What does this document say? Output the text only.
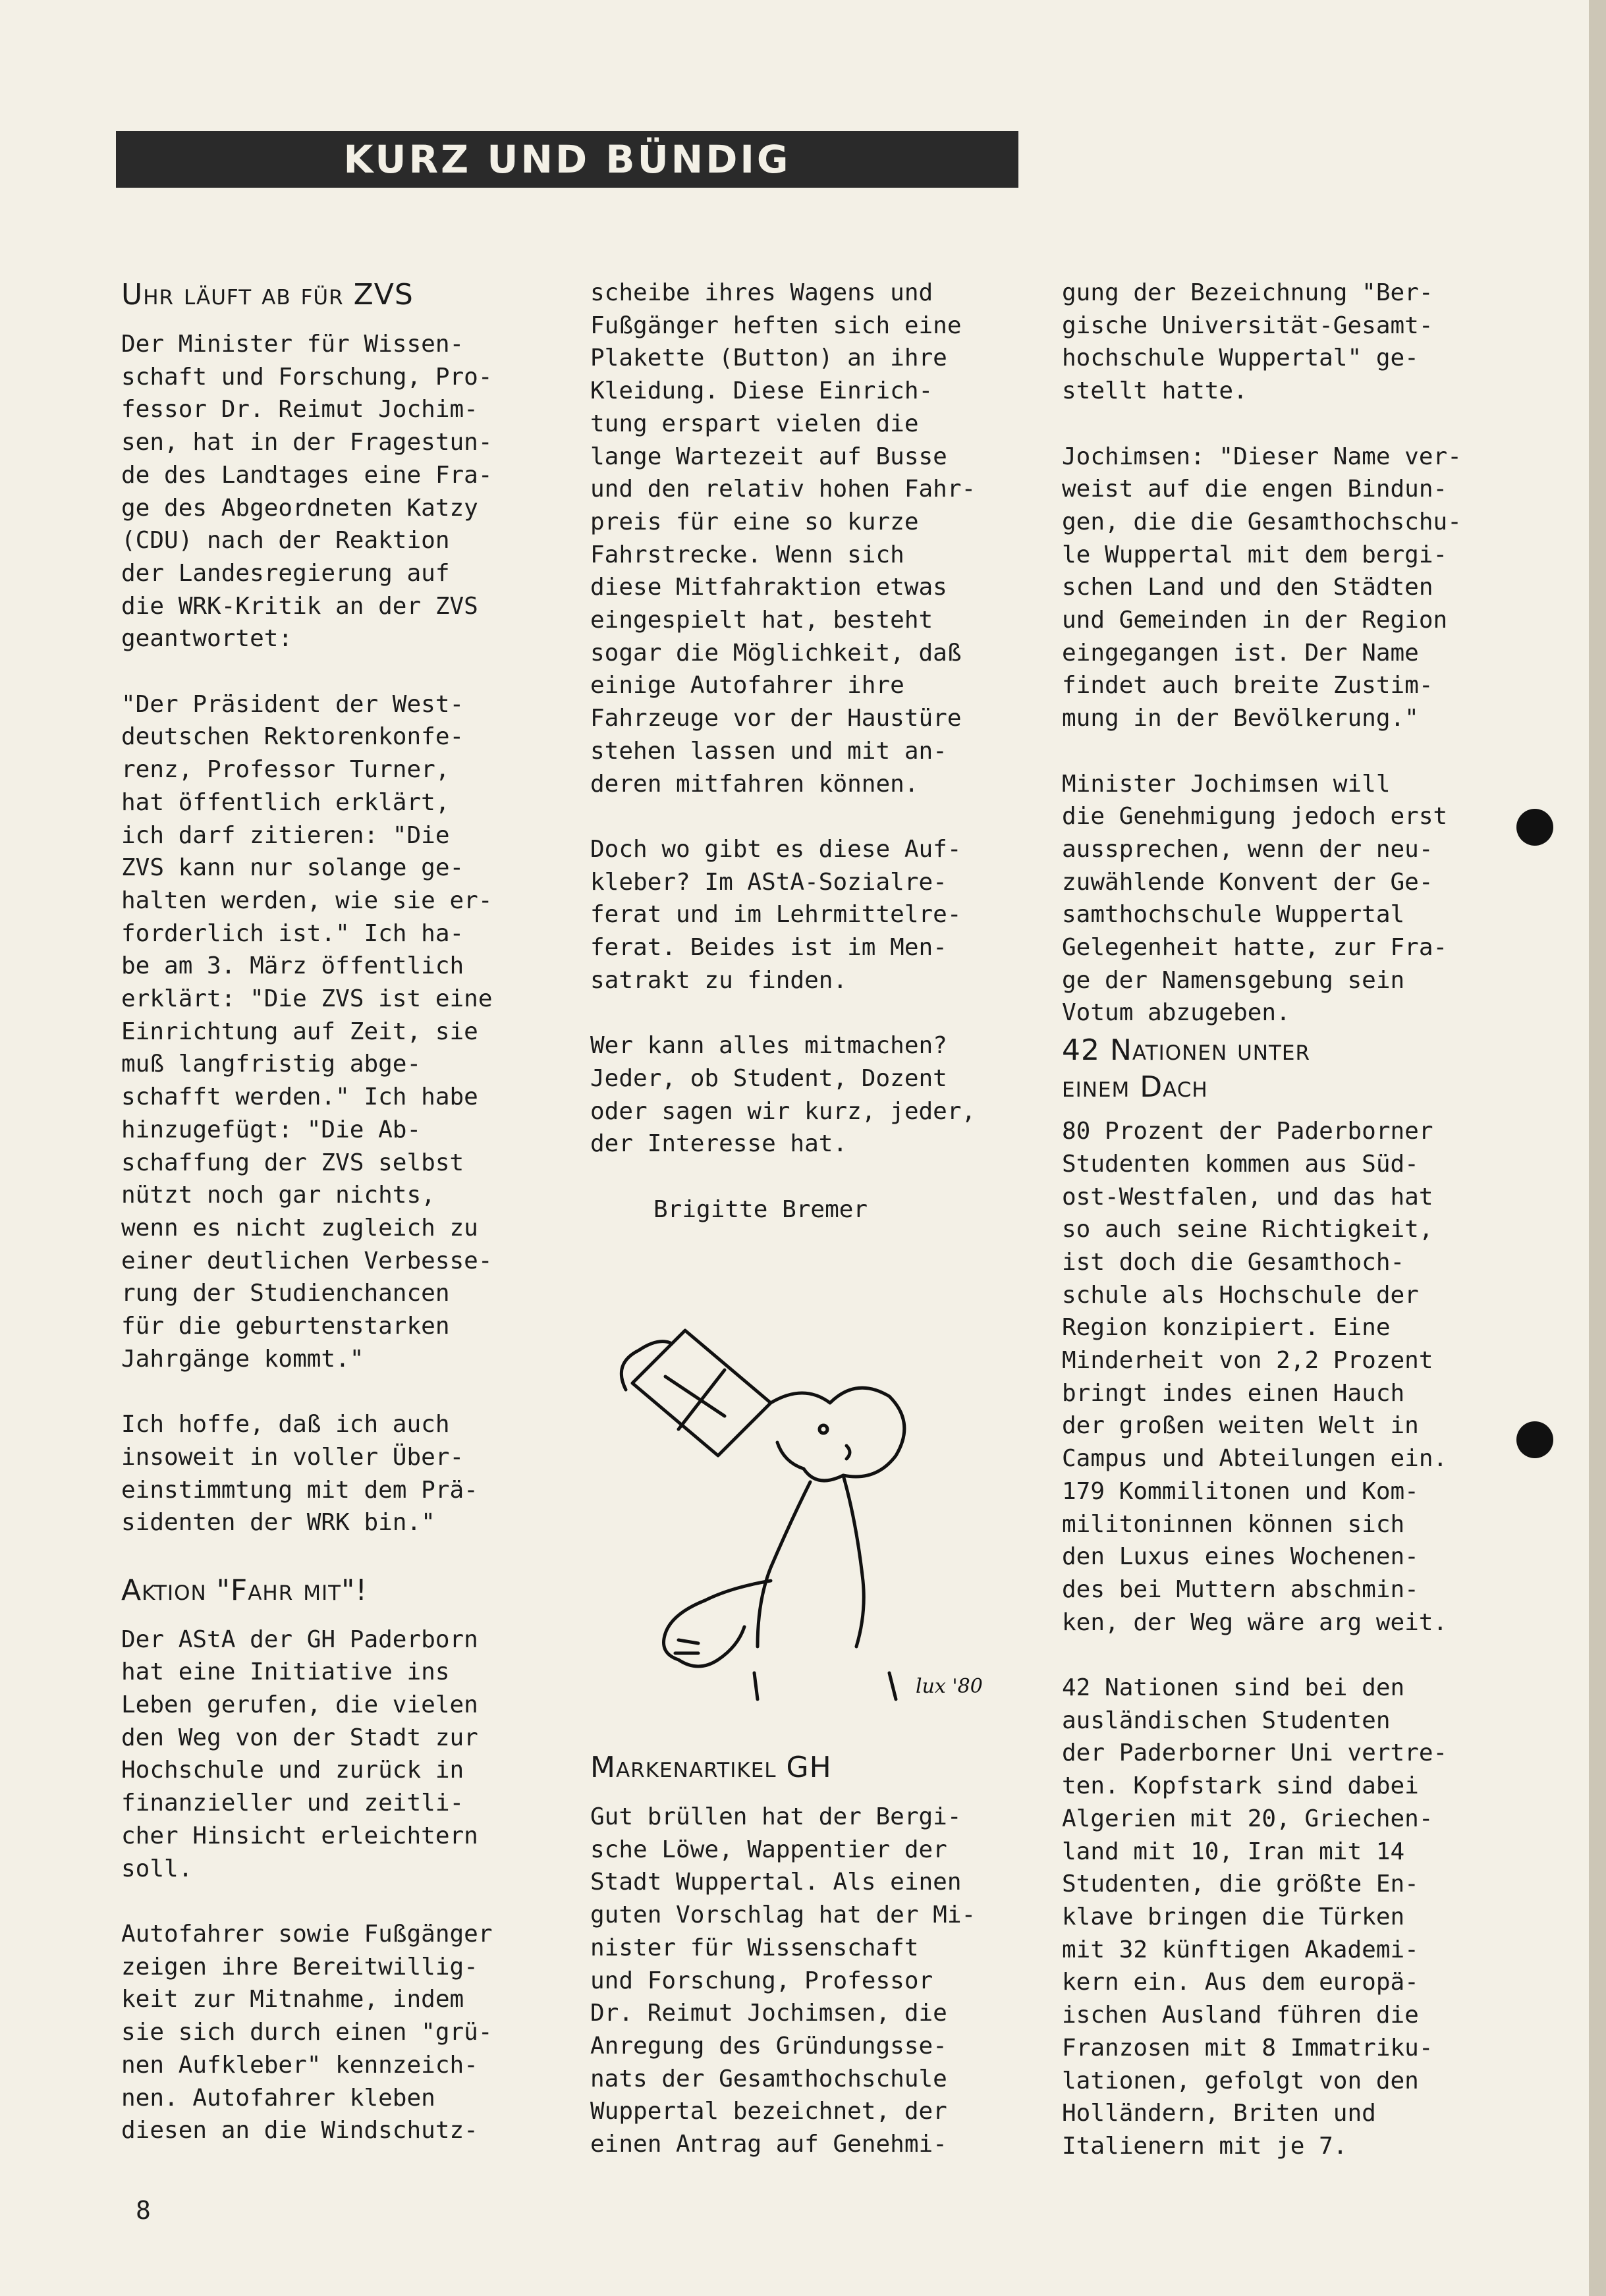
KURZ UND BÜNDIG
Uhr läuft ab für ZVS

Der Minister für Wissen-
schaft und Forschung, Pro-
fessor Dr. Reimut Jochim-
sen, hat in der Fragestun-
de des Landtages eine Fra-
ge des Abgeordneten Katzy
(CDU) nach der Reaktion
der Landesregierung auf
die WRK-Kritik an der ZVS
geantwortet:

"Der Präsident der West-
deutschen Rektorenkonfe-
renz, Professor Turner,
hat öffentlich erklärt,
ich darf zitieren: "Die
ZVS kann nur solange ge-
halten werden, wie sie er-
forderlich ist." Ich ha-
be am 3. März öffentlich
erklärt: "Die ZVS ist eine
Einrichtung auf Zeit, sie
muß langfristig abge-
schafft werden." Ich habe
hinzugefügt: "Die Ab-
schaffung der ZVS selbst
nützt noch gar nichts,
wenn es nicht zugleich zu
einer deutlichen Verbesse-
rung der Studienchancen
für die geburtenstarken
Jahrgänge kommt."

Ich hoffe, daß ich auch
insoweit in voller Über-
einstimmtung mit dem Prä-
sidenten der WRK bin."

Aktion "Fahr mit"!

Der AStA der GH Paderborn
hat eine Initiative ins
Leben gerufen, die vielen
den Weg von der Stadt zur
Hochschule und zurück in
finanzieller und zeitli-
cher Hinsicht erleichtern
soll.

Autofahrer sowie Fußgänger
zeigen ihre Bereitwillig-
keit zur Mitnahme, indem
sie sich durch einen "grü-
nen Aufkleber" kennzeich-
nen. Autofahrer kleben
diesen an die Windschutz-

scheibe ihres Wagens und
Fußgänger heften sich eine
Plakette (Button) an ihre
Kleidung. Diese Einrich-
tung erspart vielen die
lange Wartezeit auf Busse
und den relativ hohen Fahr-
preis für eine so kurze
Fahrstrecke. Wenn sich
diese Mitfahraktion etwas
eingespielt hat, besteht
sogar die Möglichkeit, daß
einige Autofahrer ihre
Fahrzeuge vor der Haustüre
stehen lassen und mit an-
deren mitfahren können.

Doch wo gibt es diese Auf-
kleber? Im AStA-Sozialre-
ferat und im Lehrmittelre-
ferat. Beides ist im Men-
satrakt zu finden.

Wer kann alles mitmachen?
Jeder, ob Student, Dozent
oder sagen wir kurz, jeder,
der Interesse hat.

Brigitte Bremer
lux '80
Markenartikel GH

Gut brüllen hat der Bergi-
sche Löwe, Wappentier der
Stadt Wuppertal. Als einen
guten Vorschlag hat der Mi-
nister für Wissenschaft
und Forschung, Professor
Dr. Reimut Jochimsen, die
Anregung des Gründungsse-
nats der Gesamthochschule
Wuppertal bezeichnet, der
einen Antrag auf Genehmi-

gung der Bezeichnung "Ber-
gische Universität-Gesamt-
hochschule Wuppertal" ge-
stellt hatte.

Jochimsen: "Dieser Name ver-
weist auf die engen Bindun-
gen, die die Gesamthochschu-
le Wuppertal mit dem bergi-
schen Land und den Städten
und Gemeinden in der Region
eingegangen ist. Der Name
findet auch breite Zustim-
mung in der Bevölkerung."

Minister Jochimsen will
die Genehmigung jedoch erst
aussprechen, wenn der neu-
zuwählende Konvent der Ge-
samthochschule Wuppertal
Gelegenheit hatte, zur Fra-
ge der Namensgebung sein
Votum abzugeben.

42 Nationen unter
einem Dach

80 Prozent der Paderborner
Studenten kommen aus Süd-
ost-Westfalen, und das hat
so auch seine Richtigkeit,
ist doch die Gesamthoch-
schule als Hochschule der
Region konzipiert. Eine
Minderheit von 2,2 Prozent
bringt indes einen Hauch
der großen weiten Welt in
Campus und Abteilungen ein.
179 Kommilitonen und Kom-
militoninnen können sich
den Luxus eines Wochenen-
des bei Muttern abschmin-
ken, der Weg wäre arg weit.

42 Nationen sind bei den
ausländischen Studenten
der Paderborner Uni vertre-
ten. Kopfstark sind dabei
Algerien mit 20, Griechen-
land mit 10, Iran mit 14
Studenten, die größte En-
klave bringen die Türken
mit 32 künftigen Akademi-
kern ein. Aus dem europä-
ischen Ausland führen die
Franzosen mit 8 Immatriku-
lationen, gefolgt von den
Holländern, Briten und
Italienern mit je 7.

8
